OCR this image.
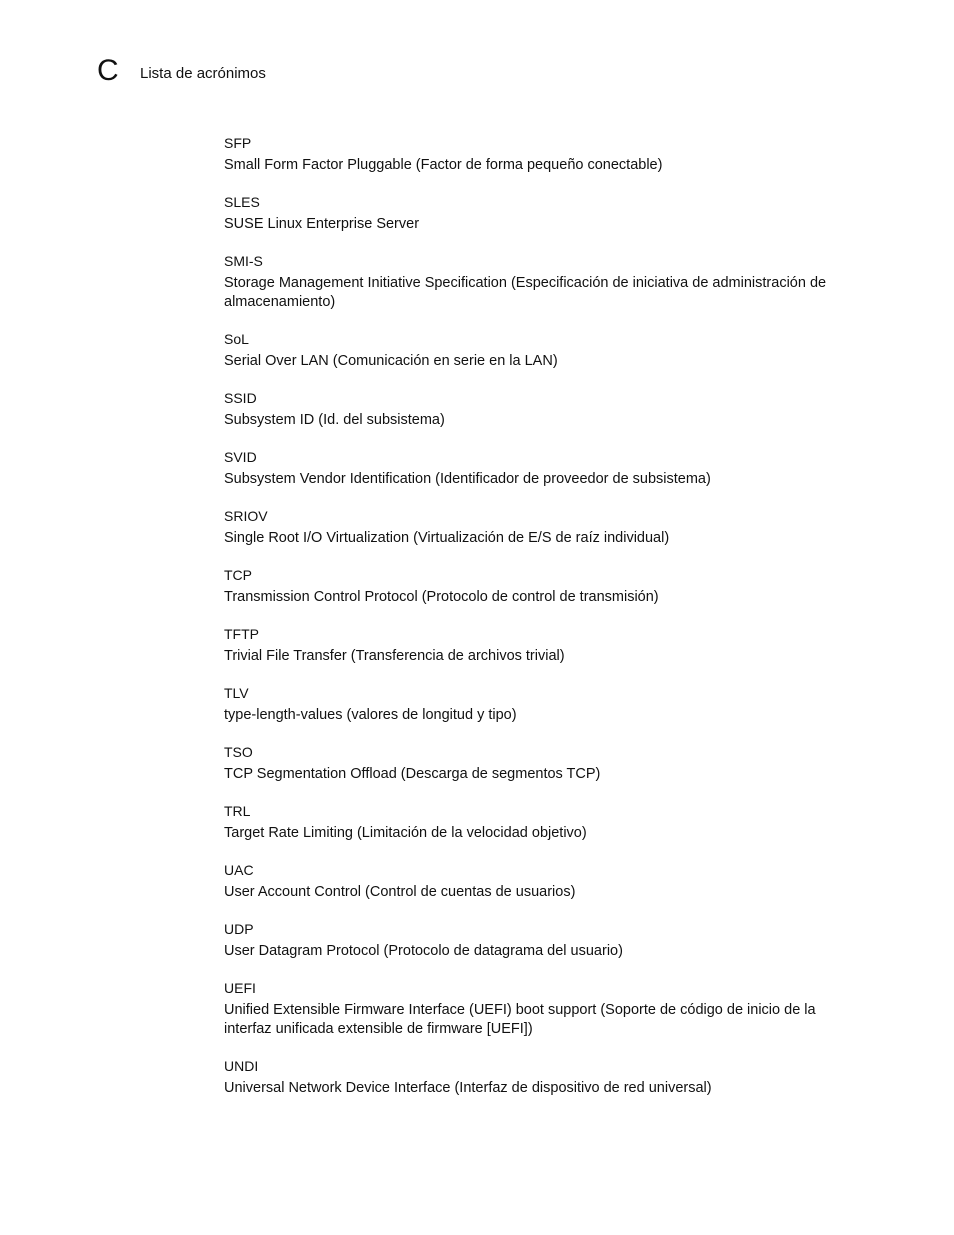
C Lista de acrónimos
SFP
Small Form Factor Pluggable (Factor de forma pequeño conectable)
SLES
SUSE Linux Enterprise Server
SMI-S
Storage Management Initiative Specification (Especificación de iniciativa de administración de almacenamiento)
SoL
Serial Over LAN (Comunicación en serie en la LAN)
SSID
Subsystem ID (Id. del subsistema)
SVID
Subsystem Vendor Identification (Identificador de proveedor de subsistema)
SRIOV
Single Root I/O Virtualization (Virtualización de E/S de raíz individual)
TCP
Transmission Control Protocol (Protocolo de control de transmisión)
TFTP
Trivial File Transfer (Transferencia de archivos trivial)
TLV
type-length-values (valores de longitud y tipo)
TSO
TCP Segmentation Offload (Descarga de segmentos TCP)
TRL
Target Rate Limiting (Limitación de la velocidad objetivo)
UAC
User Account Control (Control de cuentas de usuarios)
UDP
User Datagram Protocol (Protocolo de datagrama del usuario)
UEFI
Unified Extensible Firmware Interface (UEFI) boot support (Soporte de código de inicio de la interfaz unificada extensible de firmware [UEFI])
UNDI
Universal Network Device Interface (Interfaz de dispositivo de red universal)
